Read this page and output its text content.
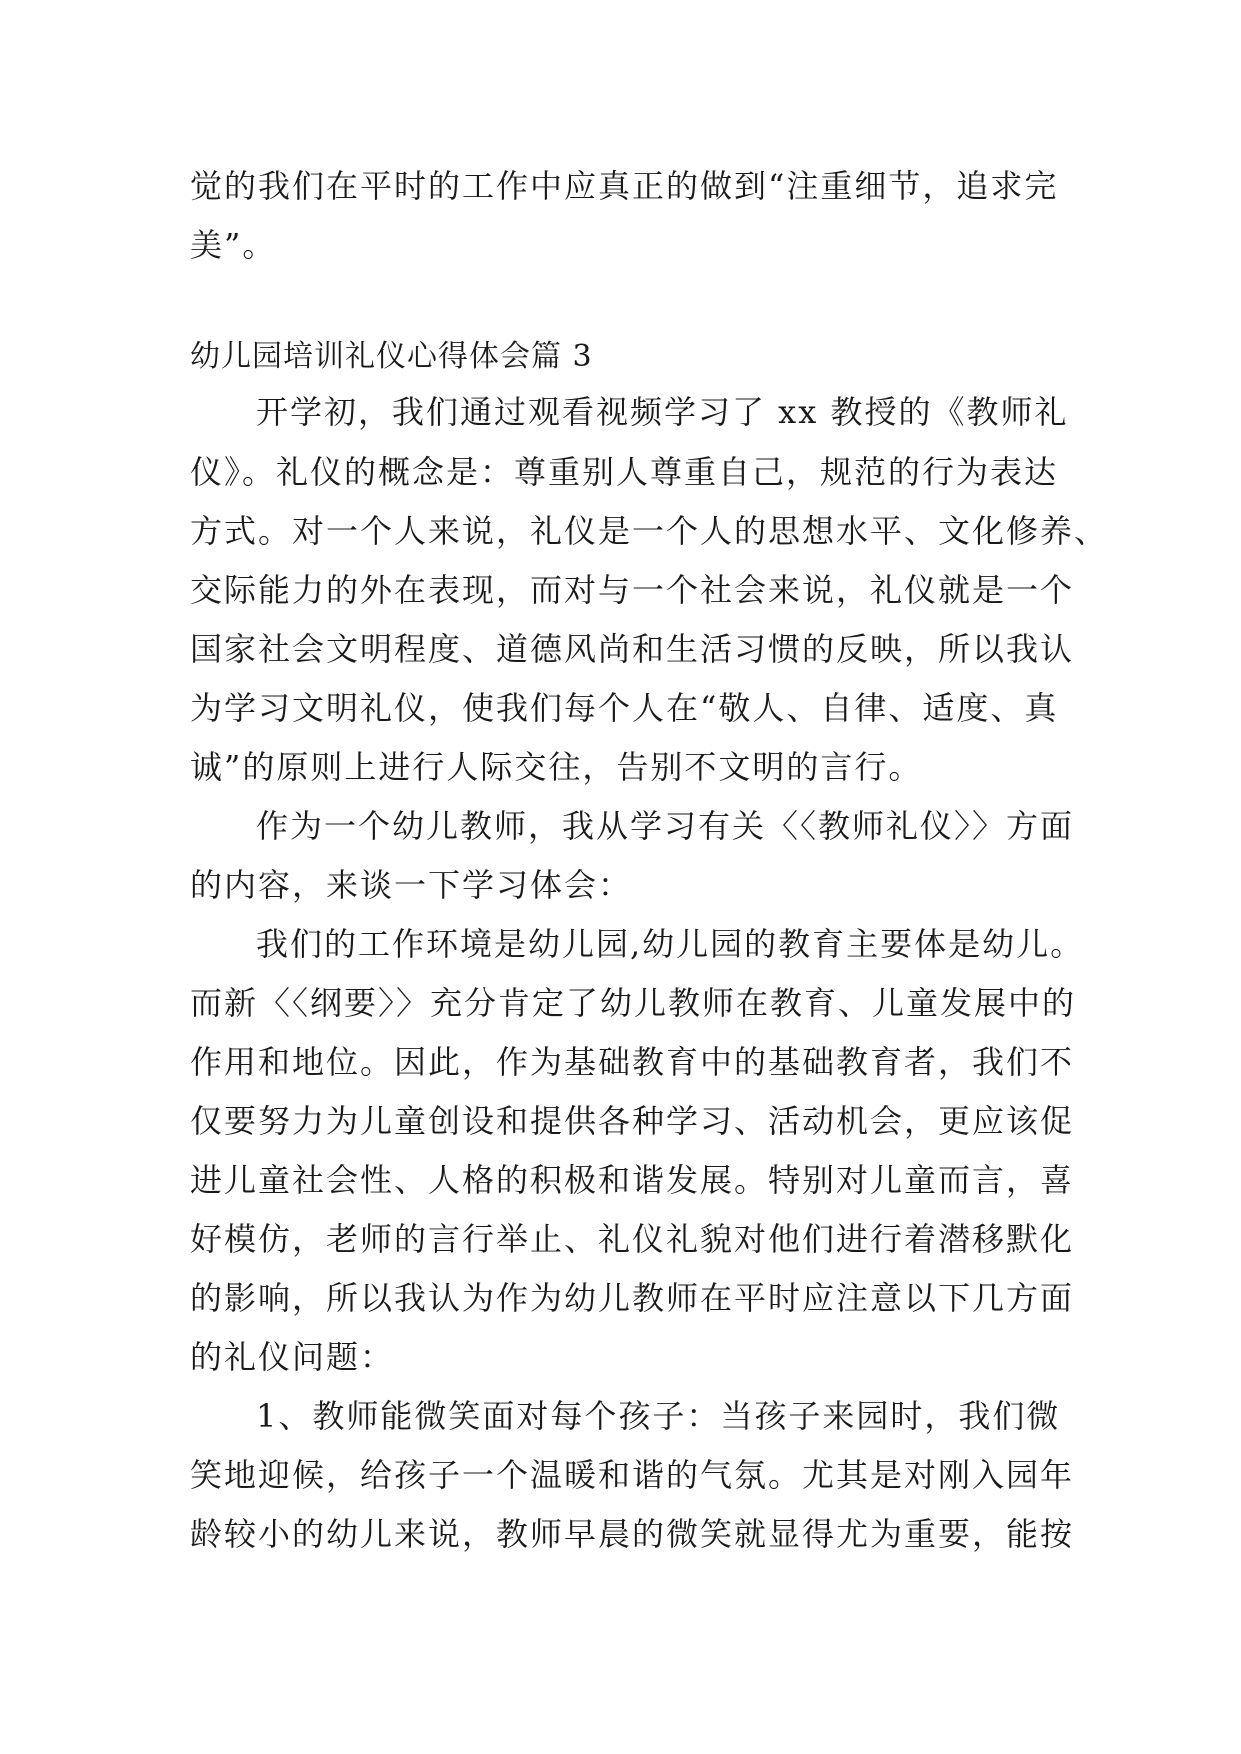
觉的我们在平时的工作中应真正的做到“注重细节，追求完
美”。
幼儿园培训礼仪心得体会篇 3
开学初，我们通过观看视频学习了 xx 教授的《教师礼
仪》。礼仪的概念是：尊重别人尊重自己，规范的行为表达
方式。对一个人来说，礼仪是一个人的思想水平、文化修养、
交际能力的外在表现，而对与一个社会来说，礼仪就是一个
国家社会文明程度、道德风尚和生活习惯的反映，所以我认
为学习文明礼仪，使我们每个人在“敬人、自律、适度、真
诚”的原则上进行人际交往，告别不文明的言行。
作为一个幼儿教师，我从学习有关〈〈教师礼仪〉〉方面
的内容，来谈一下学习体会：
我们的工作环境是幼儿园,幼儿园的教育主要体是幼儿。
而新〈〈纲要〉〉充分肯定了幼儿教师在教育、儿童发展中的
作用和地位。因此，作为基础教育中的基础教育者，我们不
仅要努力为儿童创设和提供各种学习、活动机会，更应该促
进儿童社会性、人格的积极和谐发展。特别对儿童而言，喜
好模仿，老师的言行举止、礼仪礼貌对他们进行着潜移默化
的影响，所以我认为作为幼儿教师在平时应注意以下几方面
的礼仪问题：
1、教师能微笑面对每个孩子：当孩子来园时，我们微
笑地迎候，给孩子一个温暖和谐的气氛。尤其是对刚入园年
龄较小的幼儿来说，教师早晨的微笑就显得尤为重要，能按
